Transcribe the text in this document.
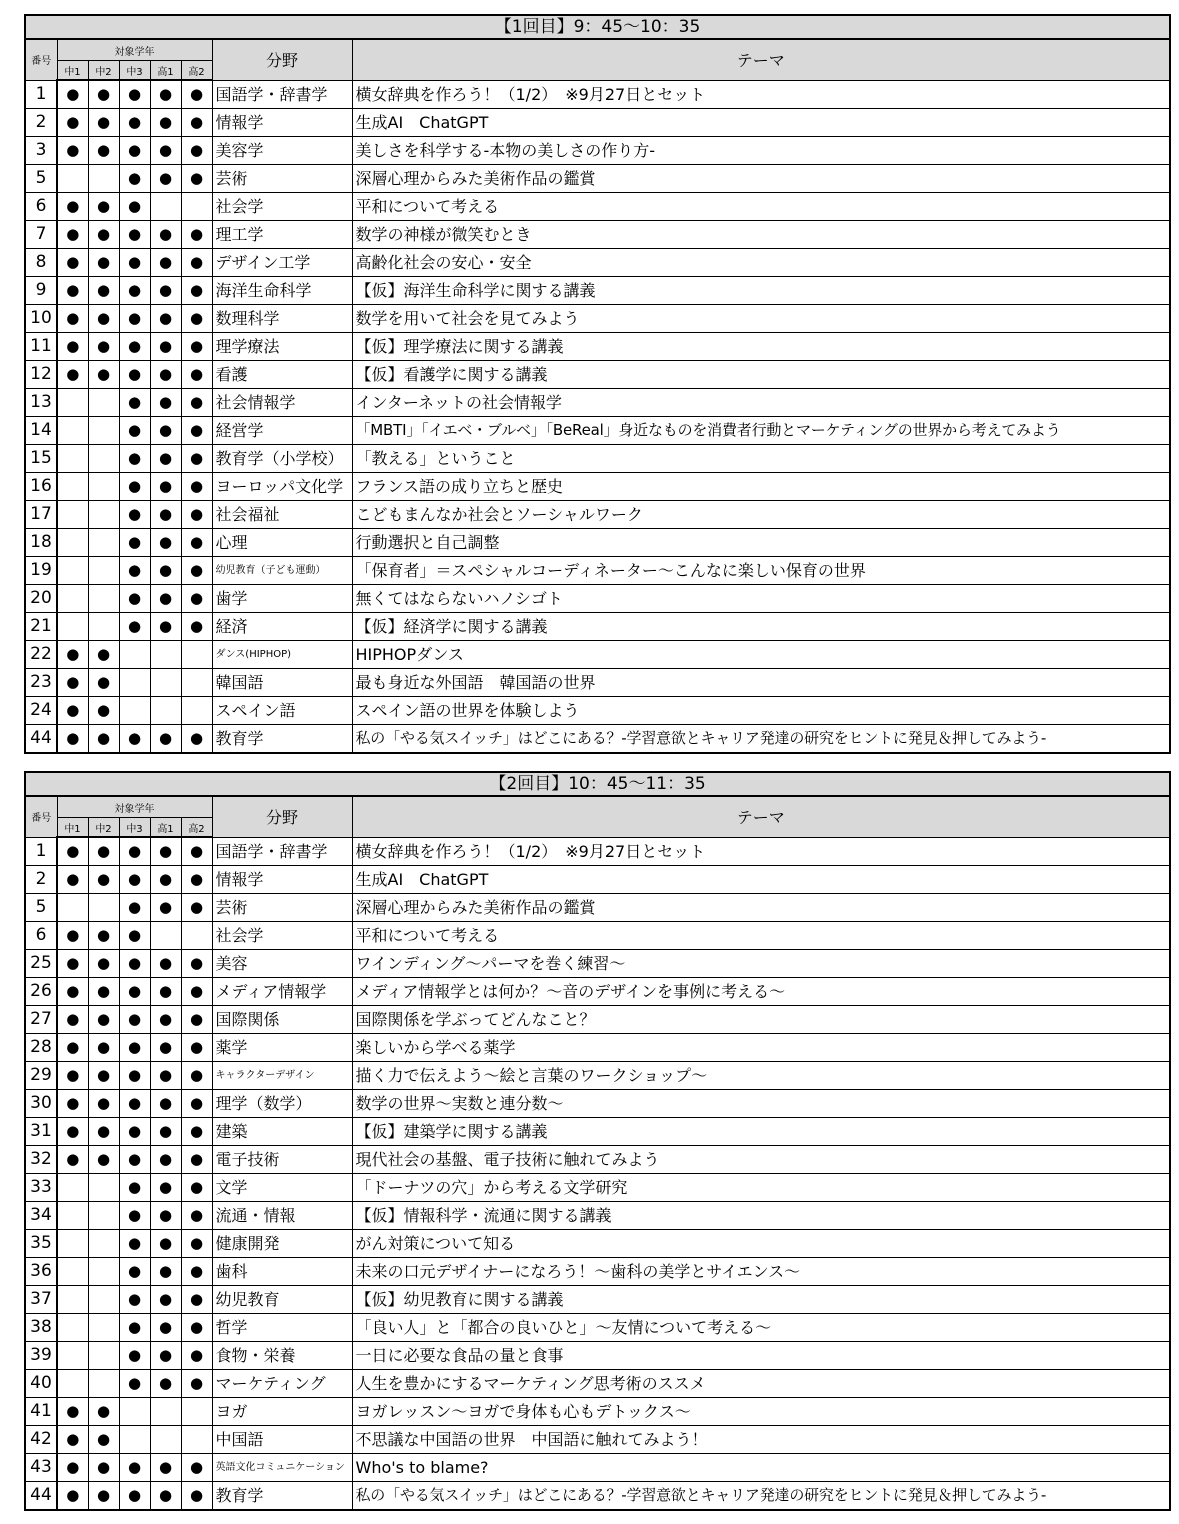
【1回目】9：45～10：35							
番号	対象学年					分野	テーマ
	中1	中2	中3	高1	高2		
1	●	●	●	●	●	国語学・辞書学	横女辞典を作ろう！（1/2）　※9月27日とセット
2	●	●	●	●	●	情報学	生成AI　ChatGPT
3	●	●	●	●	●	美容学	美しさを科学する-本物の美しさの作り方-
5			●	●	●	芸術	深層心理からみた美術作品の鑑賞
6	●	●	●			社会学	平和について考える
7	●	●	●	●	●	理工学	数学の神様が微笑むとき
8	●	●	●	●	●	デザイン工学	高齢化社会の安心・安全
9	●	●	●	●	●	海洋生命科学	【仮】海洋生命科学に関する講義
10	●	●	●	●	●	数理科学	数学を用いて社会を見てみよう
11	●	●	●	●	●	理学療法	【仮】理学療法に関する講義
12	●	●	●	●	●	看護	【仮】看護学に関する講義
13			●	●	●	社会情報学	インターネットの社会情報学
14			●	●	●	経営学	「MBTI」「イエベ・ブルベ」「BeReal」身近なものを消費者行動とマーケティングの世界から考えてみよう
15			●	●	●	教育学（小学校）	「教える」ということ
16			●	●	●	ヨーロッパ文化学	フランス語の成り立ちと歴史
17			●	●	●	社会福祉	こどもまんなか社会とソーシャルワーク
18			●	●	●	心理	行動選択と自己調整
19			●	●	●	幼児教育（子ども運動）	「保育者」＝スペシャルコーディネーター～こんなに楽しい保育の世界
20			●	●	●	歯学	無くてはならないハノシゴト
21			●	●	●	経済	【仮】経済学に関する講義
22	●	●				ダンス(HIPHOP)	HIPHOPダンス
23	●	●				韓国語	最も身近な外国語　韓国語の世界
24	●	●				スペイン語	スペイン語の世界を体験しよう
44	●	●	●	●	●	教育学	私の「やる気スイッチ」はどこにある？-学習意欲とキャリア発達の研究をヒントに発見＆押してみよう-
【2回目】10：45～11：35							
番号	対象学年					分野	テーマ
	中1	中2	中3	高1	高2		
1	●	●	●	●	●	国語学・辞書学	横女辞典を作ろう！（1/2）　※9月27日とセット
2	●	●	●	●	●	情報学	生成AI　ChatGPT
5			●	●	●	芸術	深層心理からみた美術作品の鑑賞
6	●	●	●			社会学	平和について考える
25	●	●	●	●	●	美容	ワインディング～パーマを巻く練習～
26	●	●	●	●	●	メディア情報学	メディア情報学とは何か？～音のデザインを事例に考える～
27	●	●	●	●	●	国際関係	国際関係を学ぶってどんなこと？
28	●	●	●	●	●	薬学	楽しいから学べる薬学
29	●	●	●	●	●	キャラクターデザイン	描く力で伝えよう～絵と言葉のワークショップ～
30	●	●	●	●	●	理学（数学）	数学の世界～実数と連分数～
31	●	●	●	●	●	建築	【仮】建築学に関する講義
32	●	●	●	●	●	電子技術	現代社会の基盤、電子技術に触れてみよう
33			●	●	●	文学	「ドーナツの穴」から考える文学研究
34			●	●	●	流通・情報	【仮】情報科学・流通に関する講義
35			●	●	●	健康開発	がん対策について知る
36			●	●	●	歯科	未来の口元デザイナーになろう！～歯科の美学とサイエンス～
37			●	●	●	幼児教育	【仮】幼児教育に関する講義
38			●	●	●	哲学	「良い人」と「都合の良いひと」～友情について考える～
39			●	●	●	食物・栄養	一日に必要な食品の量と食事
40			●	●	●	マーケティング	人生を豊かにするマーケティング思考術のススメ
41	●	●				ヨガ	ヨガレッスン～ヨガで身体も心もデトックス～
42	●	●				中国語	不思議な中国語の世界　中国語に触れてみよう！
43	●	●	●	●	●	英語文化コミュニケーション	Who's to blame?
44	●	●	●	●	●	教育学	私の「やる気スイッチ」はどこにある？-学習意欲とキャリア発達の研究をヒントに発見＆押してみよう-
